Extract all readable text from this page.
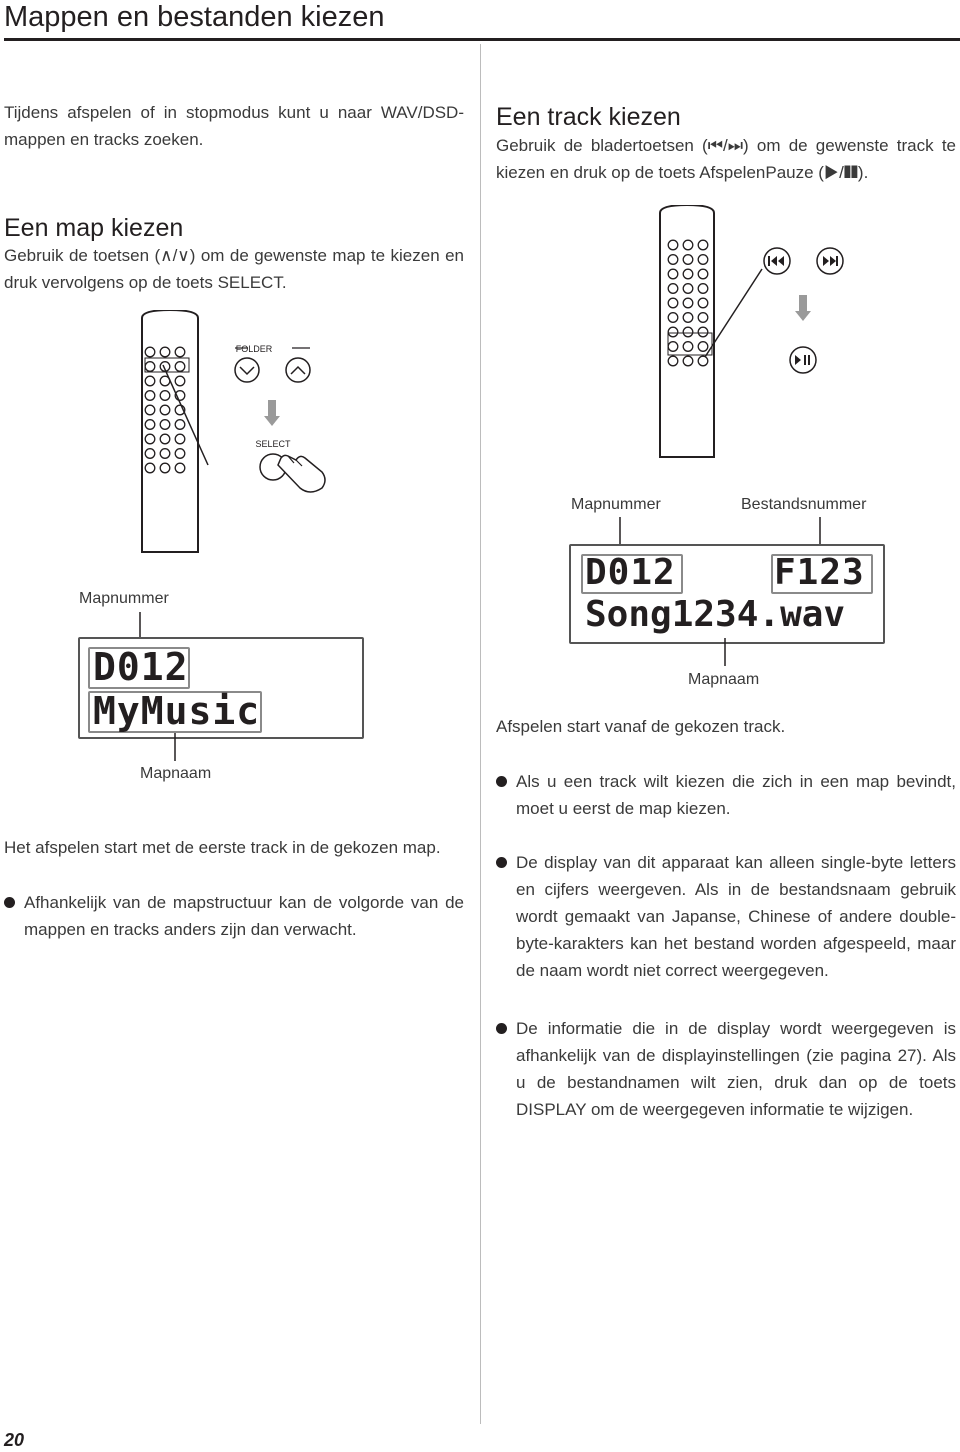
Mappen en bestanden kiezen

Tijdens afspelen of in stopmodus kunt u naar WAV/DSD-mappen en tracks zoeken.

Een map kiezen

Gebruik de toetsen (∧/∨) om de gewenste map te kiezen en druk vervolgens op de toets SELECT.

FOLDER
SELECT
Mapnummer
D012
MyMusic
Mapnaam

Het afspelen start met de eerste track in de gekozen map.

Afhankelijk van de mapstructuur kan de volgorde van de mappen en tracks anders zijn dan verwacht.
Een track kiezen

Gebruik de bladertoetsen (⏮/⏭) om de gewenste track te kiezen en druk op de toets AfspelenPauze (▶/❚❚).

Mapnummer	Bestandsnummer
D012	F123
Song1234.wav
Mapnaam

Afspelen start vanaf de gekozen track.

Als u een track wilt kiezen die zich in een map bevindt, moet u eerst de map kiezen.
De display van dit apparaat kan alleen single-byte letters en cijfers weergeven. Als in de bestandsnaam gebruik wordt gemaakt van Japanse, Chinese of andere double-byte-karakters kan het bestand worden afgespeeld, maar de naam wordt niet correct weergegeven.
De informatie die in de display wordt weergegeven is afhankelijk van de displayinstellingen (zie pagina 27). Als u de bestandnamen wilt zien, druk dan op de toets DISPLAY om de weergegeven informatie te wijzigen.
20
